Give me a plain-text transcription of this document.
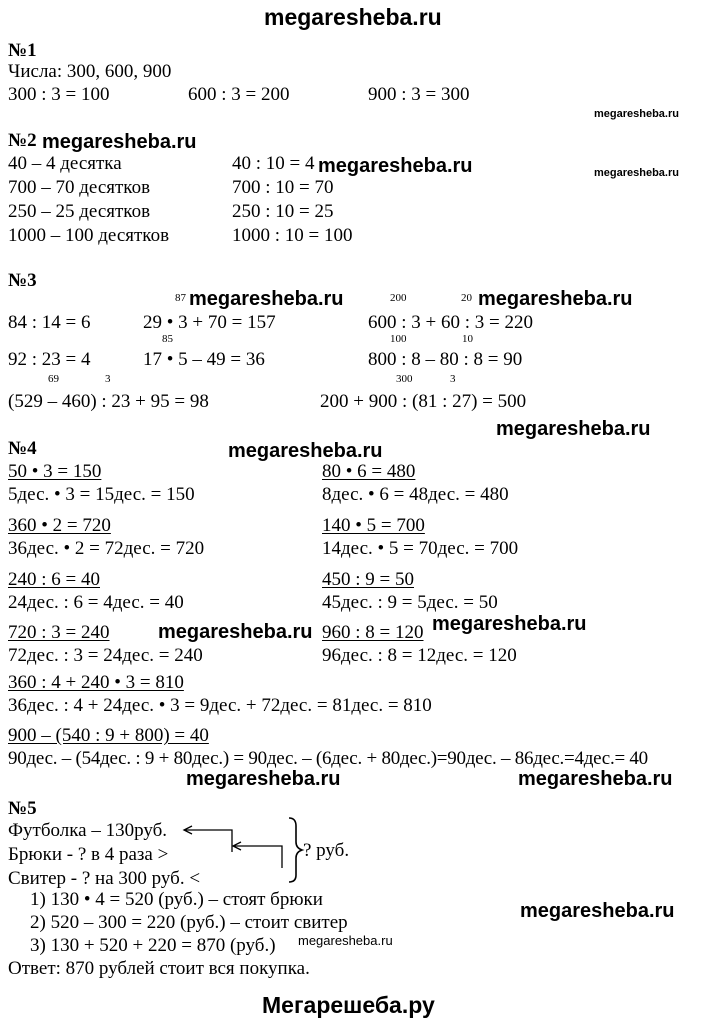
megaresheba.ru
Мегарешеба.ру
№1
Числа: 300, 600, 900
300 : 3 = 100	600 : 3 = 200	900 : 3 = 300
megaresheba.ru
№2 megaresheba.ru
40 – 4 десятка	40 : 10 = 4 megaresheba.ru	megaresheba.ru
700 – 70 десятков	700 : 10 = 70
250 – 25 десятков	250 : 10 = 25
1000 – 100 десятков	1000 : 10 = 100
№3
87 megaresheba.ru	200	20 megaresheba.ru
84 : 14 = 6	29 • 3 + 70 = 157	600 : 3 + 60 : 3 = 220
85	100	10
92 : 23 = 4	17 • 5 – 49 = 36	800 : 8 – 80 : 8 = 90
69	3	300	3
(529 – 460) : 23 + 95 = 98	200 + 900 : (81 : 27) = 500
megaresheba.ru
№4	megaresheba.ru
50 • 3 = 150	80 • 6 = 480
5дес. • 3 = 15дес. = 150	8дес. • 6 = 48дес. = 480
360 • 2 = 720	140 • 5 = 700
36дес. • 2 = 72дес. = 720	14дес. • 5 = 70дес. = 700
240 : 6 = 40	450 : 9 = 50
24дес. : 6 = 4дес. = 40	45дес. : 9 = 5дес. = 50
720 : 3 = 240 megaresheba.ru 960 : 8 = 120 megaresheba.ru
72дес. : 3 = 24дес. = 240	96дес. : 8 = 12дес. = 120
360 : 4 + 240 • 3 = 810
36дес. : 4 + 24дес. • 3 = 9дес. + 72дес. = 81дес. = 810
900 – (540 : 9 + 800) = 40
90дес. – (54дес. : 9 + 80дес.) = 90дес. – (6дес. + 80дес.)=90дес. – 86дес.=4дес.= 40
megaresheba.ru	megaresheba.ru
№5
Футболка – 130руб.
Брюки - ? в 4 раза >
Свитер - ? на 300 руб. <
? руб.
1) 130 • 4 = 520 (руб.) – стоят брюки
megaresheba.ru
2) 520 – 300 = 220 (руб.) – стоит свитер
3) 130 + 520 + 220 = 870 (руб.) megaresheba.ru
Ответ: 870 рублей стоит вся покупка.
